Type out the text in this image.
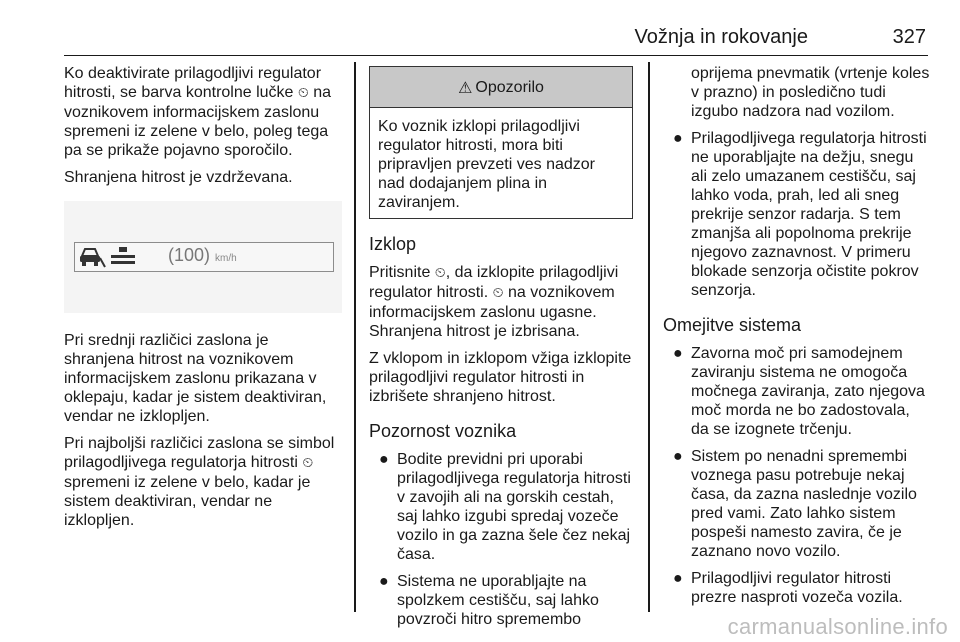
Vožnja in rokovanje	327

Ko deaktivirate prilagodljivi regulator hitrosti, se barva kontrolne lučke ⏲ na voznikovem informacijskem zaslonu spremeni iz zelene v belo, poleg tega pa se prikaže pojavno sporočilo.

Shranjena hitrost je vzdrževana.

(100) km/h

Pri srednji različici zaslona je shranjena hitrost na voznikovem informacijskem zaslonu prikazana v oklepaju, kadar je sistem deaktiviran, vendar ne izklopljen.

Pri najboljši različici zaslona se simbol prilagodljivega regulatorja hitrosti ⏲ spremeni iz zelene v belo, kadar je sistem deaktiviran, vendar ne izklopljen.

⚠ Opozorilo
Ko voznik izklopi prilagodljivi regulator hitrosti, mora biti pripravljen prevzeti ves nadzor nad dodajanjem plina in zaviranjem.
Izklop

Pritisnite ⏲, da izklopite prilagodljivi regulator hitrosti. ⏲ na voznikovem informacijskem zaslonu ugasne. Shranjena hitrost je izbrisana.

Z vklopom in izklopom vžiga izklopite prilagodljivi regulator hitrosti in izbrišete shranjeno hitrost.

Pozornost voznika
● Bodite previdni pri uporabi prilagodljivega regulatorja hitrosti v zavojih ali na gorskih cestah, saj lahko izgubi spredaj vozeče vozilo in ga zazna šele čez nekaj časa.
● Sistema ne uporabljajte na spolzkem cestišču, saj lahko povzroči hitro spremembo

oprijema pnevmatik (vrtenje koles v prazno) in posledično tudi izgubo nadzora nad vozilom.

● Prilagodljivega regulatorja hitrosti ne uporabljajte na dežju, snegu ali zelo umazanem cestišču, saj lahko voda, prah, led ali sneg prekrije senzor radarja. S tem zmanjša ali popolnoma prekrije njegovo zaznavnost. V primeru blokade senzorja očistite pokrov senzorja.
Omejitve sistema
● Zavorna moč pri samodejnem zaviranju sistema ne omogoča močnega zaviranja, zato njegova moč morda ne bo zadostovala, da se izognete trčenju.
● Sistem po nenadni spremembi voznega pasu potrebuje nekaj časa, da zazna naslednje vozilo pred vami. Zato lahko sistem pospeši namesto zavira, če je zaznano novo vozilo.
● Prilagodljivi regulator hitrosti prezre nasproti vozeča vozila.
carmanualsonline.info
